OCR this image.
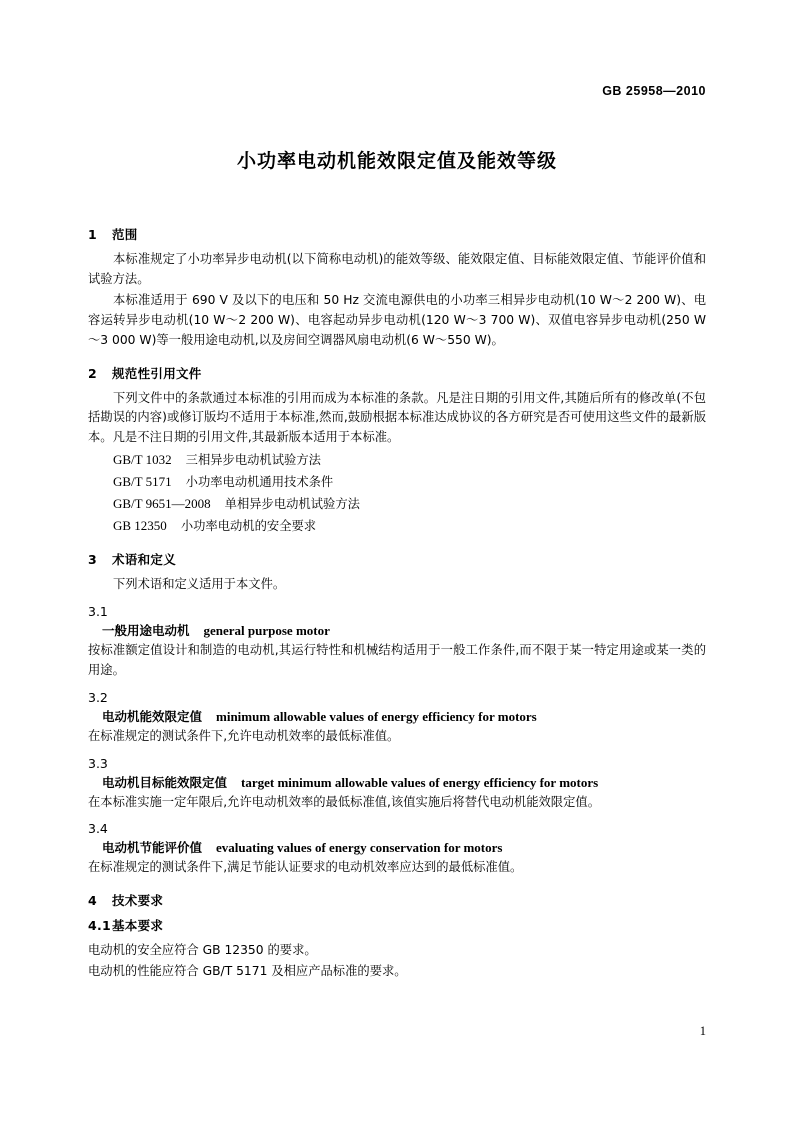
GB 25958—2010
小功率电动机能效限定值及能效等级
1 范围

本标准规定了小功率异步电动机(以下简称电动机)的能效等级、能效限定值、目标能效限定值、节能评价值和试验方法。

本标准适用于 690 V 及以下的电压和 50 Hz 交流电源供电的小功率三相异步电动机(10 W～2 200 W)、电容运转异步电动机(10 W～2 200 W)、电容起动异步电动机(120 W～3 700 W)、双值电容异步电动机(250 W～3 000 W)等一般用途电动机,以及房间空调器风扇电动机(6 W～550 W)。

2 规范性引用文件

下列文件中的条款通过本标准的引用而成为本标准的条款。凡是注日期的引用文件,其随后所有的修改单(不包括勘误的内容)或修订版均不适用于本标准,然而,鼓励根据本标准达成协议的各方研究是否可使用这些文件的最新版本。凡是不注日期的引用文件,其最新版本适用于本标准。

GB/T 1032 三相异步电动机试验方法
GB/T 5171 小功率电动机通用技术条件
GB/T 9651—2008 单相异步电动机试验方法
GB 12350 小功率电动机的安全要求
3 术语和定义

下列术语和定义适用于本文件。

3.1
一般用途电动机 general purpose motor

按标准额定值设计和制造的电动机,其运行特性和机械结构适用于一般工作条件,而不限于某一特定用途或某一类的用途。

3.2
电动机能效限定值 minimum allowable values of energy efficiency for motors

在标准规定的测试条件下,允许电动机效率的最低标准值。

3.3
电动机目标能效限定值 target minimum allowable values of energy efficiency for motors

在本标准实施一定年限后,允许电动机效率的最低标准值,该值实施后将替代电动机能效限定值。

3.4
电动机节能评价值 evaluating values of energy conservation for motors

在标准规定的测试条件下,满足节能认证要求的电动机效率应达到的最低标准值。

4 技术要求
4.1基本要求

电动机的安全应符合 GB 12350 的要求。

电动机的性能应符合 GB/T 5171 及相应产品标准的要求。

1
